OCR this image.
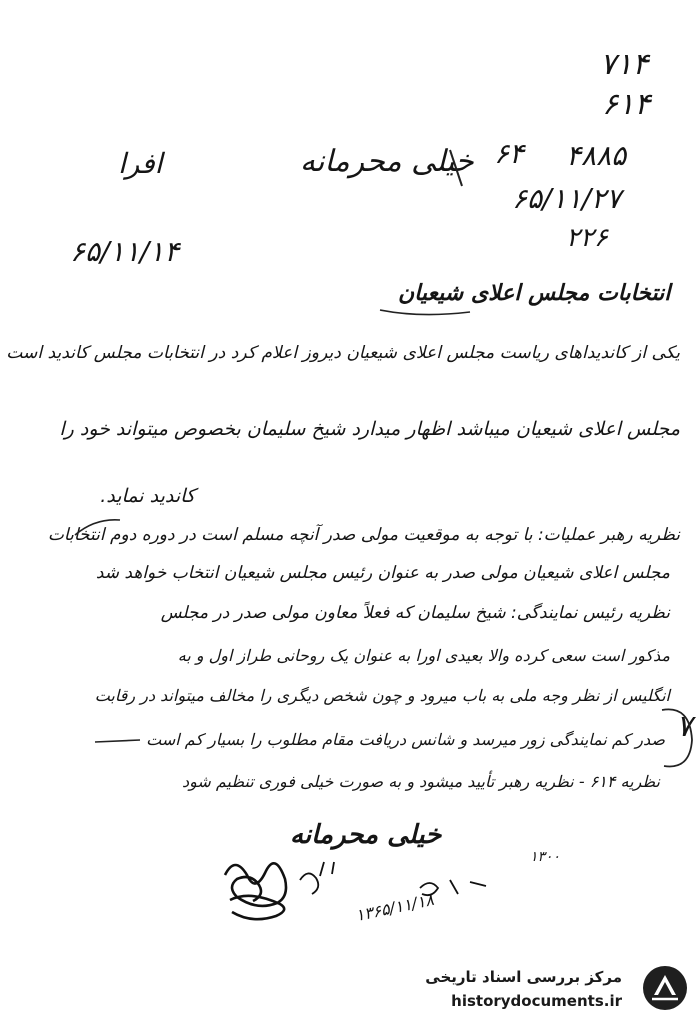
۷۱۴
۶۱۴
خیلی محرمانه	۴۸۸۵
۶۴
۶۵/۱۱/۲۷
۲۲۶
افرا
۶۵/۱۱/۱۴
انتخابات مجلس اعلای شیعیان
یکی از کاندیداهای ریاست مجلس اعلای شیعیان دیروز اعلام کرد در انتخابات مجلس کاندید است
مجلس اعلای شیعیان میباشد اظهار میدارد شیخ سلیمان بخصوص میتواند خود را
کاندید نماید.
نظریه رهبر عملیات: با توجه به موقعیت مولی صدر آنچه مسلم است در دوره دوم انتخابات
مجلس اعلای شیعیان مولی صدر به عنوان رئیس مجلس شیعیان انتخاب خواهد شد
نظریه رئیس نمایندگی: شیخ سلیمان که فعلاً معاون مولی صدر در مجلس
مذکور است سعی کرده والا بعیدی اورا به عنوان یک روحانی طراز اول و به
انگلیس از نظر وجه ملی به باب میرود و چون شخص دیگری را مخالف میتواند در رقابت
صدر کم نمایندگی زور میرسد و شانس دریافت مقام مطلوب را بسیار کم است
نظریه ۶۱۴ - نظریه رهبر تأیید میشود و به صورت خیلی فوری تنظیم شود
۷
خیلی محرمانه
۱۳۰۰
۱۳۶۵/۱۱/۱۸
مرکز بررسی اسناد تاریخی
historydocuments.ir
